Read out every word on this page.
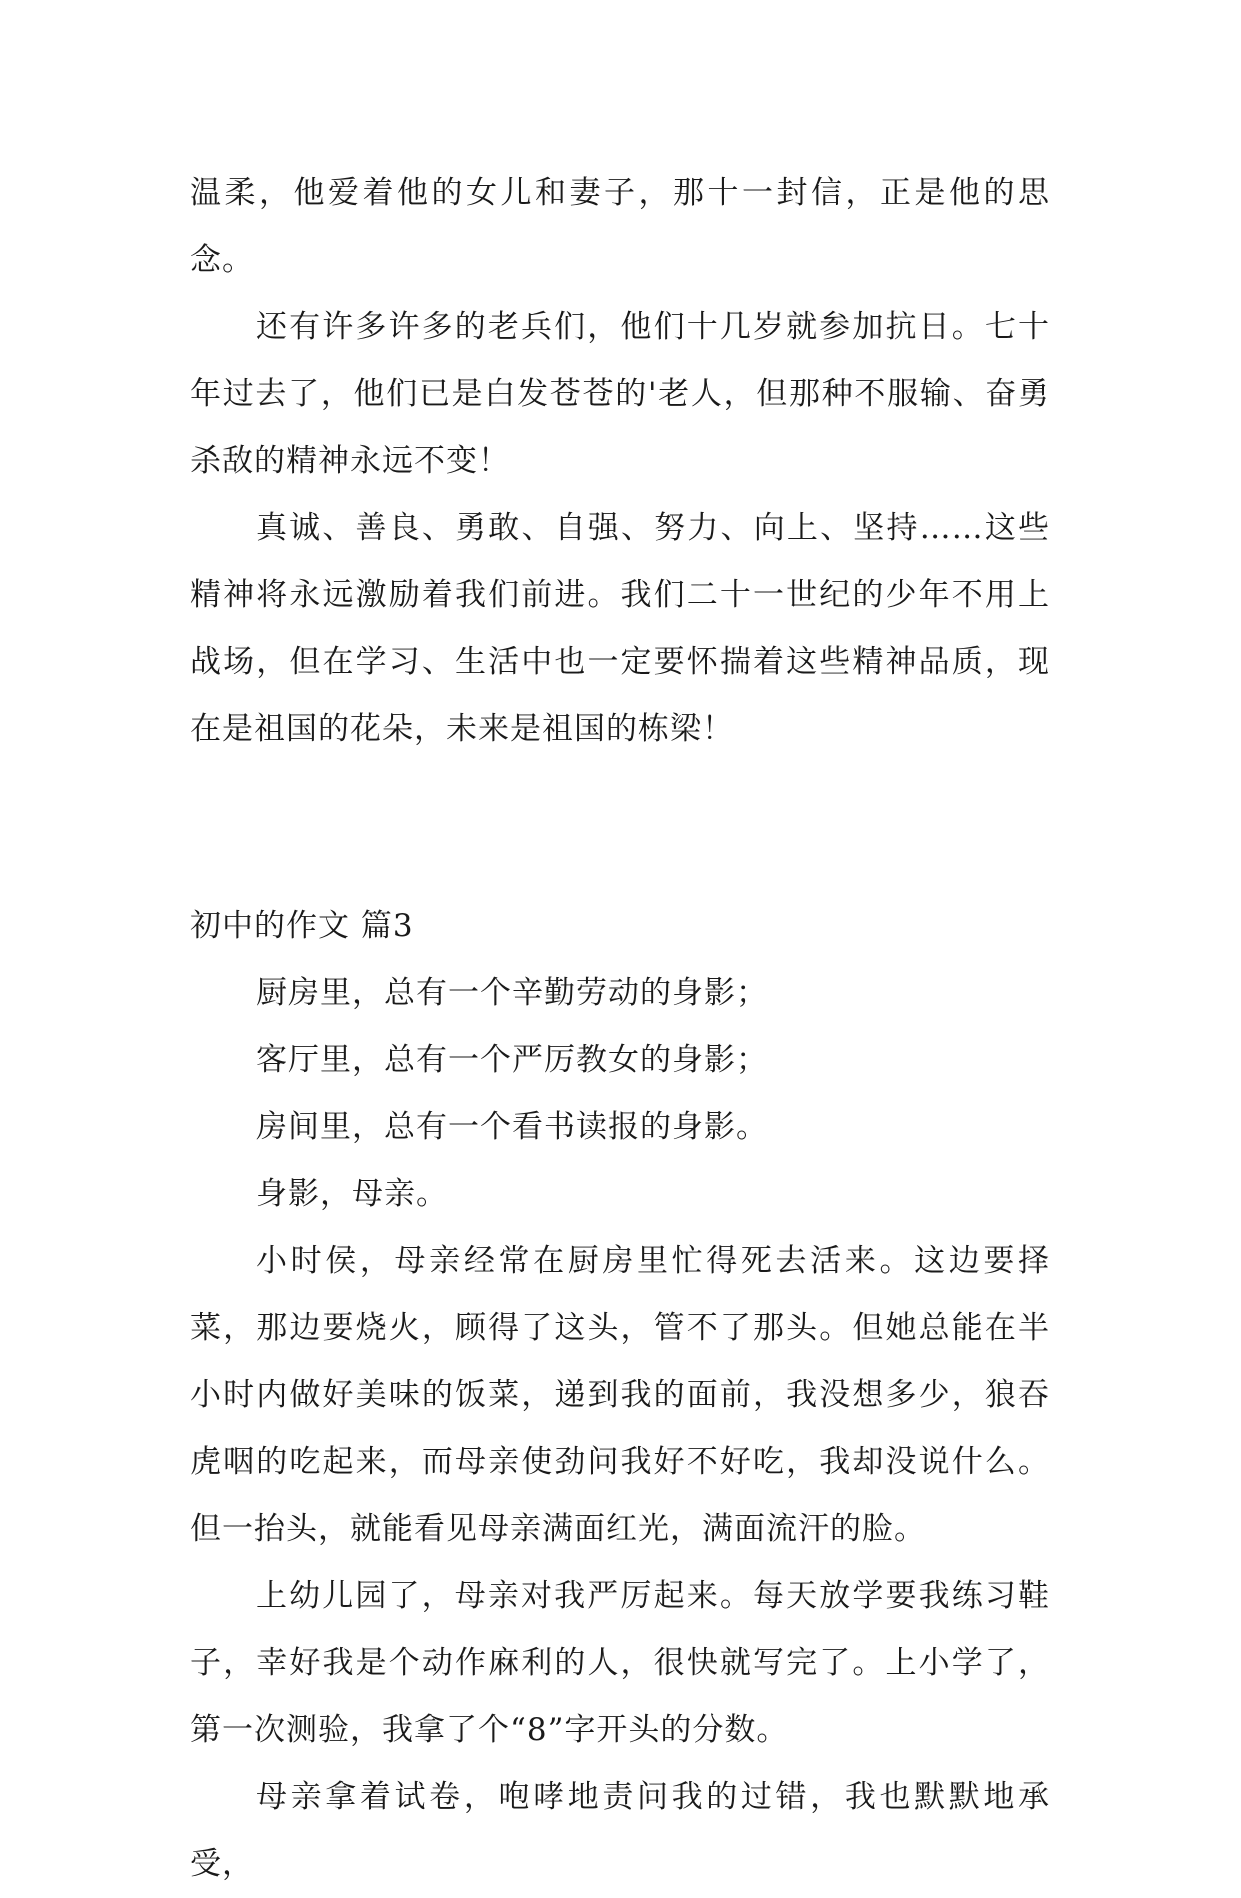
温柔，他爱着他的女儿和妻子，那十一封信，正是他的思念。

还有许多许多的老兵们，他们十几岁就参加抗日。七十年过去了，他们已是白发苍苍的'老人，但那种不服输、奋勇杀敌的精神永远不变！

真诚、善良、勇敢、自强、努力、向上、坚持……这些精神将永远激励着我们前进。我们二十一世纪的少年不用上战场，但在学习、生活中也一定要怀揣着这些精神品质，现在是祖国的花朵，未来是祖国的栋梁！

初中的作文 篇3

厨房里，总有一个辛勤劳动的身影；

客厅里，总有一个严厉教女的身影；

房间里，总有一个看书读报的身影。

身影，母亲。

小时侯，母亲经常在厨房里忙得死去活来。这边要择菜，那边要烧火，顾得了这头，管不了那头。但她总能在半小时内做好美味的饭菜，递到我的面前，我没想多少，狼吞虎咽的吃起来，而母亲使劲问我好不好吃，我却没说什么。但一抬头，就能看见母亲满面红光，满面流汗的脸。

上幼儿园了，母亲对我严厉起来。每天放学要我练习鞋子，幸好我是个动作麻利的人，很快就写完了。上小学了，第一次测验，我拿了个“8”字开头的分数。

母亲拿着试卷，咆哮地责问我的过错，我也默默地承受，
